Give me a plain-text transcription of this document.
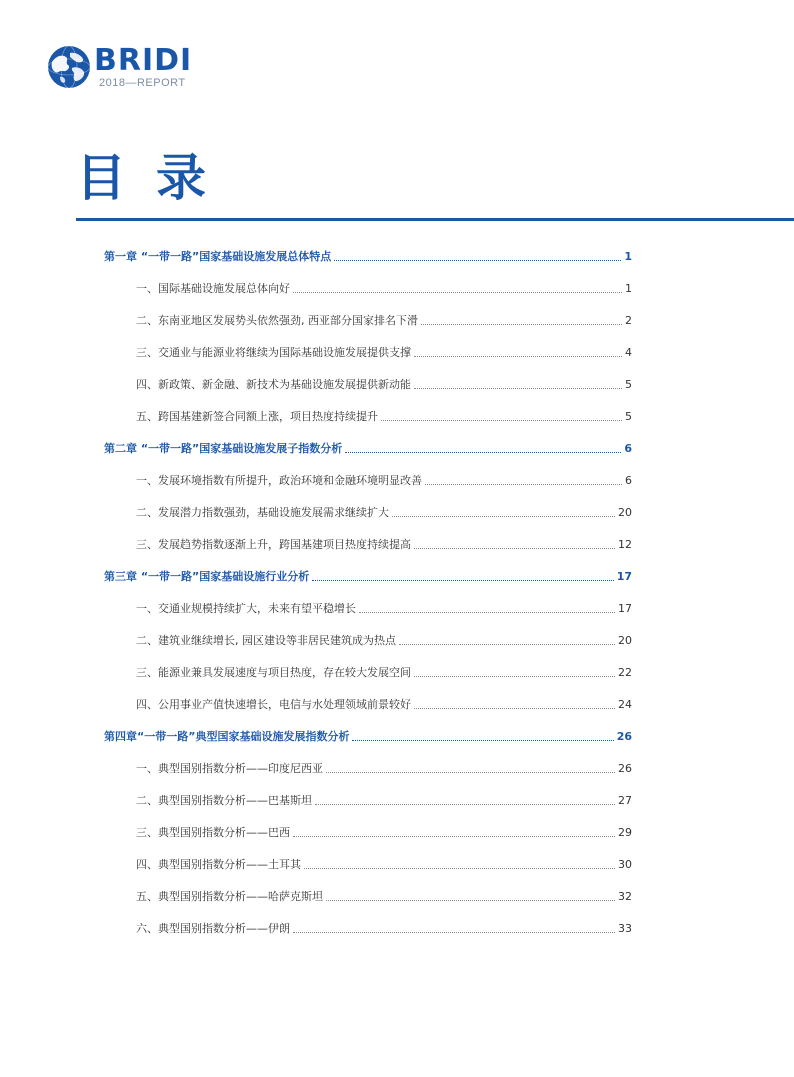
BRIDI
2018—REPORT
目录
第一章 “一带一路”国家基础设施发展总体特点	1
一、国际基础设施发展总体向好	1
二、东南亚地区发展势头依然强劲, 西亚部分国家排名下滑	2
三、交通业与能源业将继续为国际基础设施发展提供支撑	4
四、新政策、新金融、新技术为基础设施发展提供新动能	5
五、跨国基建新签合同额上涨，项目热度持续提升	5
第二章 “一带一路”国家基础设施发展子指数分析	6
一、发展环境指数有所提升，政治环境和金融环境明显改善	6
二、发展潜力指数强劲，基础设施发展需求继续扩大	20
三、发展趋势指数逐渐上升，跨国基建项目热度持续提高	12
第三章 “一带一路”国家基础设施行业分析	17
一、交通业规模持续扩大，未来有望平稳增长	17
二、建筑业继续增长, 园区建设等非居民建筑成为热点	20
三、能源业兼具发展速度与项目热度，存在较大发展空间	22
四、公用事业产值快速增长，电信与水处理领域前景较好	24
第四章“一带一路”典型国家基础设施发展指数分析	26
一、典型国别指数分析——印度尼西亚	26
二、典型国别指数分析——巴基斯坦	27
三、典型国别指数分析——巴西	29
四、典型国别指数分析——土耳其	30
五、典型国别指数分析——哈萨克斯坦	32
六、典型国别指数分析——伊朗	33
